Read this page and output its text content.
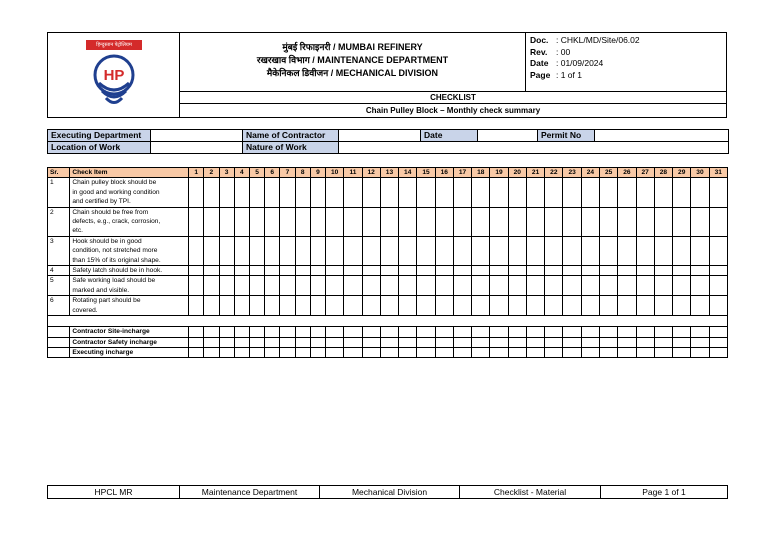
हिन्दुस्तान पेट्रोलियम
HP
मुंबई रिफाइनरी / MUMBAI REFINERY
रखरखाव विभाग / MAINTENANCE DEPARTMENT
मैकेनिकल डिवीजन / MECHANICAL DIVISION
Doc. : CHKL/MD/Site/06.02
Rev. : 00
Date : 01/09/2024
Page : 1 of 1
CHECKLIST
Chain Pulley Block – Monthly check summary
Executing Department		Name of Contractor		Date		Permit No	
Location of Work		Nature of Work					
Sr.	Check Item	1	2	3	4	5	6	7	8	9	10	11	12	13	14	15	16	17	18	19	20	21	22	23	24	25	26	27	28	29	30	31
1	Chain pulley block should be
in good and working condition
and certified by TPI.																															

2	Chain should be free from
defects, e.g., crack, corrosion,
etc.																															

3	Hook should be in good
condition, not stretched more
than 15% of its original shape.																															

4	Safety latch should be in hook.																															

5	Safe working load should be
marked and visible.																															

6	Rotating part should be
covered.																															

	Contractor Site-incharge																															
	Contractor Safety incharge																															
	Executing incharge																															
HPCL MR	Maintenance Department	Mechanical Division	Checklist - Material	Page 1 of 1
